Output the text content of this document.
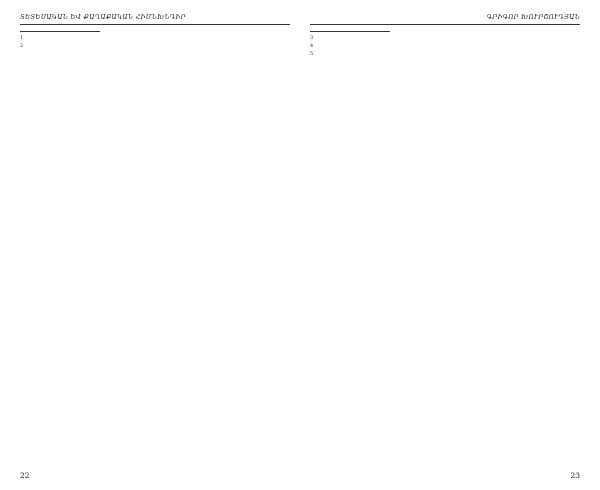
ՏԵՏԵՍԱԿԱՆ ԵՎ ՔԱՂԱՔԱԿԱՆ ՀԻՄՆԽՆԴԻՐ

1

2

22
ԳՐԻԳՈՐ ԽՈՒՐՇՈՒԴՅԱՆ

3

4

5

23
